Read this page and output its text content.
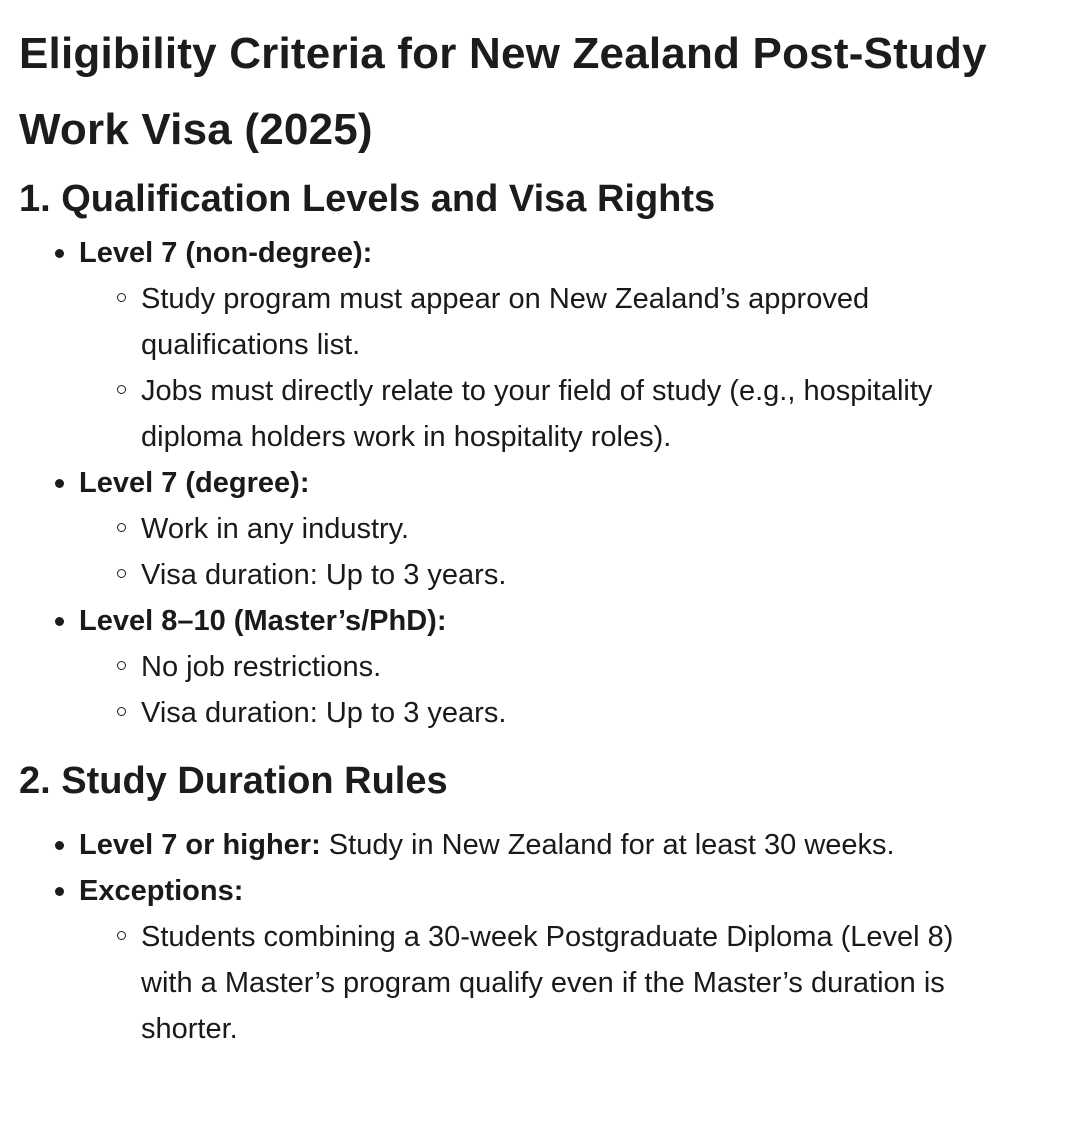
Eligibility Criteria for New Zealand Post-Study Work Visa (2025)
1. Qualification Levels and Visa Rights
Level 7 (non-degree):
Study program must appear on New Zealand’s approved qualifications list.
Jobs must directly relate to your field of study (e.g., hospitality diploma holders work in hospitality roles).
Level 7 (degree):
Work in any industry.
Visa duration: Up to 3 years.
Level 8–10 (Master’s/PhD):
No job restrictions.
Visa duration: Up to 3 years.
2. Study Duration Rules
Level 7 or higher: Study in New Zealand for at least 30 weeks.
Exceptions:
Students combining a 30-week Postgraduate Diploma (Level 8) with a Master’s program qualify even if the Master’s duration is shorter.
